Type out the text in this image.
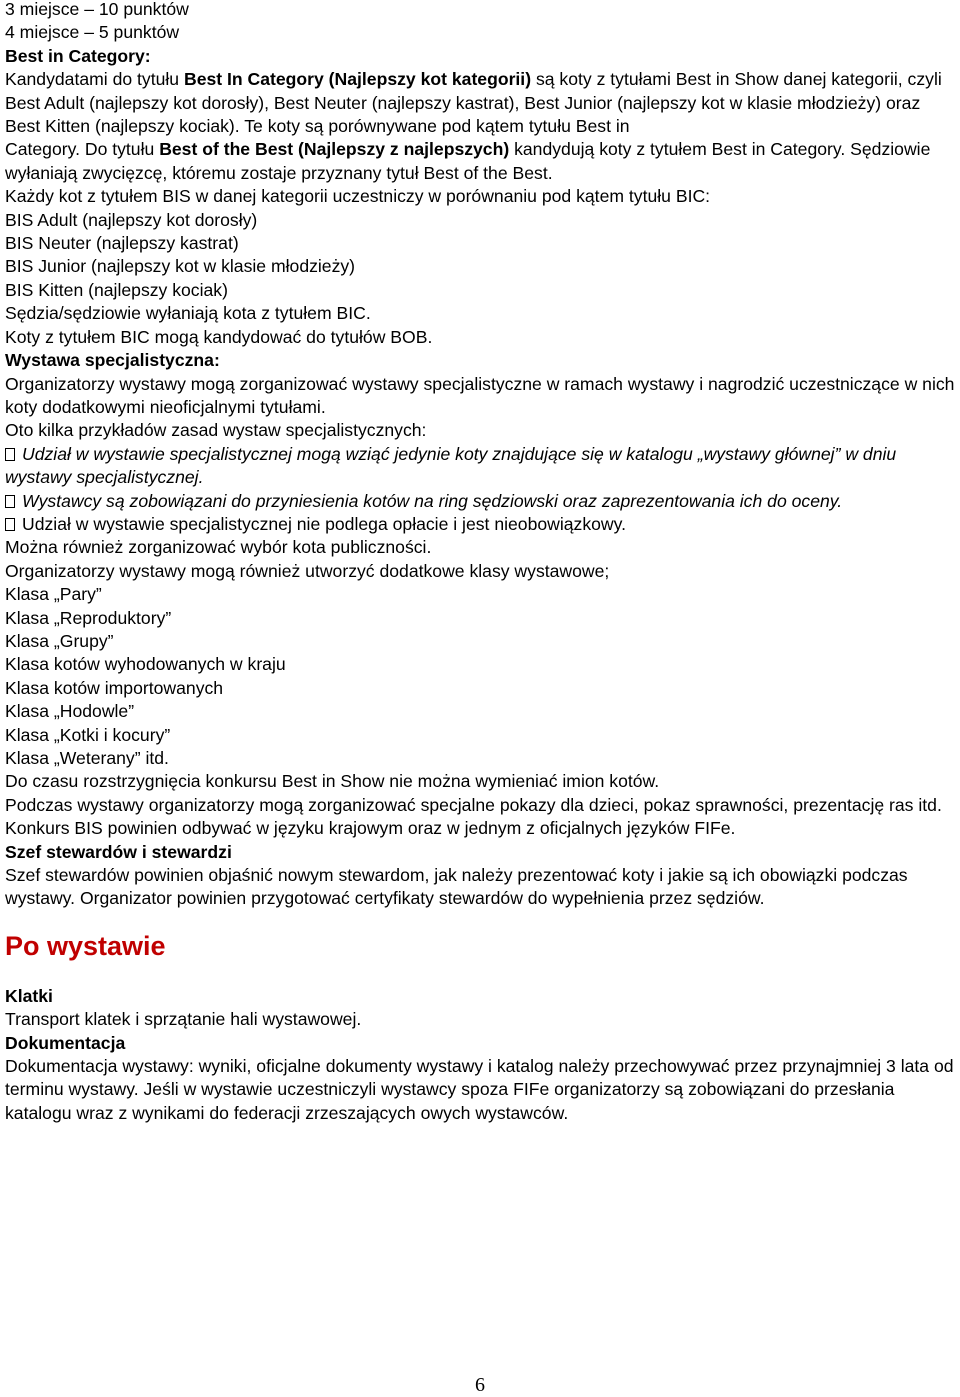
3 miejsce – 10 punktów

4 miejsce – 5 punktów

Best in Category:

Kandydatami do tytułu Best In Category (Najlepszy kot kategorii) są koty z tytułami Best in Show danej kategorii, czyli Best Adult (najlepszy kot dorosły), Best Neuter (najlepszy kastrat), Best Junior (najlepszy kot w klasie młodzieży) oraz Best Kitten (najlepszy kociak). Te koty są porównywane pod kątem tytułu Best in

Category. Do tytułu Best of the Best (Najlepszy z najlepszych) kandydują koty z tytułem Best in Category. Sędziowie wyłaniają zwycięzcę, któremu zostaje przyznany tytuł Best of the Best.

Każdy kot z tytułem BIS w danej kategorii uczestniczy w porównaniu pod kątem tytułu BIC:

BIS Adult (najlepszy kot dorosły)

BIS Neuter (najlepszy kastrat)

BIS Junior (najlepszy kot w klasie młodzieży)

BIS Kitten (najlepszy kociak)

Sędzia/sędziowie wyłaniają kota z tytułem BIC.

Koty z tytułem BIC mogą kandydować do tytułów BOB.

Wystawa specjalistyczna:

Organizatorzy wystawy mogą zorganizować wystawy specjalistyczne w ramach wystawy i nagrodzić uczestniczące w nich koty dodatkowymi nieoficjalnymi tytułami.

Oto kilka przykładów zasad wystaw specjalistycznych:

Udział w wystawie specjalistycznej mogą wziąć jedynie koty znajdujące się w katalogu „wystawy głównej” w dniu wystawy specjalistycznej.

Wystawcy są zobowiązani do przyniesienia kotów na ring sędziowski oraz zaprezentowania ich do oceny.

Udział w wystawie specjalistycznej nie podlega opłacie i jest nieobowiązkowy.

Można również zorganizować wybór kota publiczności.

Organizatorzy wystawy mogą również utworzyć dodatkowe klasy wystawowe;

Klasa „Pary”

Klasa „Reproduktory”

Klasa „Grupy”

Klasa kotów wyhodowanych w kraju

Klasa kotów importowanych

Klasa „Hodowle”

Klasa „Kotki i kocury”

Klasa „Weterany” itd.

Do czasu rozstrzygnięcia konkursu Best in Show nie można wymieniać imion kotów.

Podczas wystawy organizatorzy mogą zorganizować specjalne pokazy dla dzieci, pokaz sprawności, prezentację ras itd.

Konkurs BIS powinien odbywać w języku krajowym oraz w jednym z oficjalnych języków FIFe.

Szef stewardów i stewardzi

Szef stewardów powinien objaśnić nowym stewardom, jak należy prezentować koty i jakie są ich obowiązki podczas wystawy. Organizator powinien przygotować certyfikaty stewardów do wypełnienia przez sędziów.

Po wystawie

Klatki

Transport klatek i sprzątanie hali wystawowej.

Dokumentacja

Dokumentacja wystawy: wyniki, oficjalne dokumenty wystawy i katalog należy przechowywać przez przynajmniej 3 lata od terminu wystawy. Jeśli w wystawie uczestniczyli wystawcy spoza FIFe organizatorzy są zobowiązani do przesłania katalogu wraz z wynikami do federacji zrzeszających owych wystawców.

6
